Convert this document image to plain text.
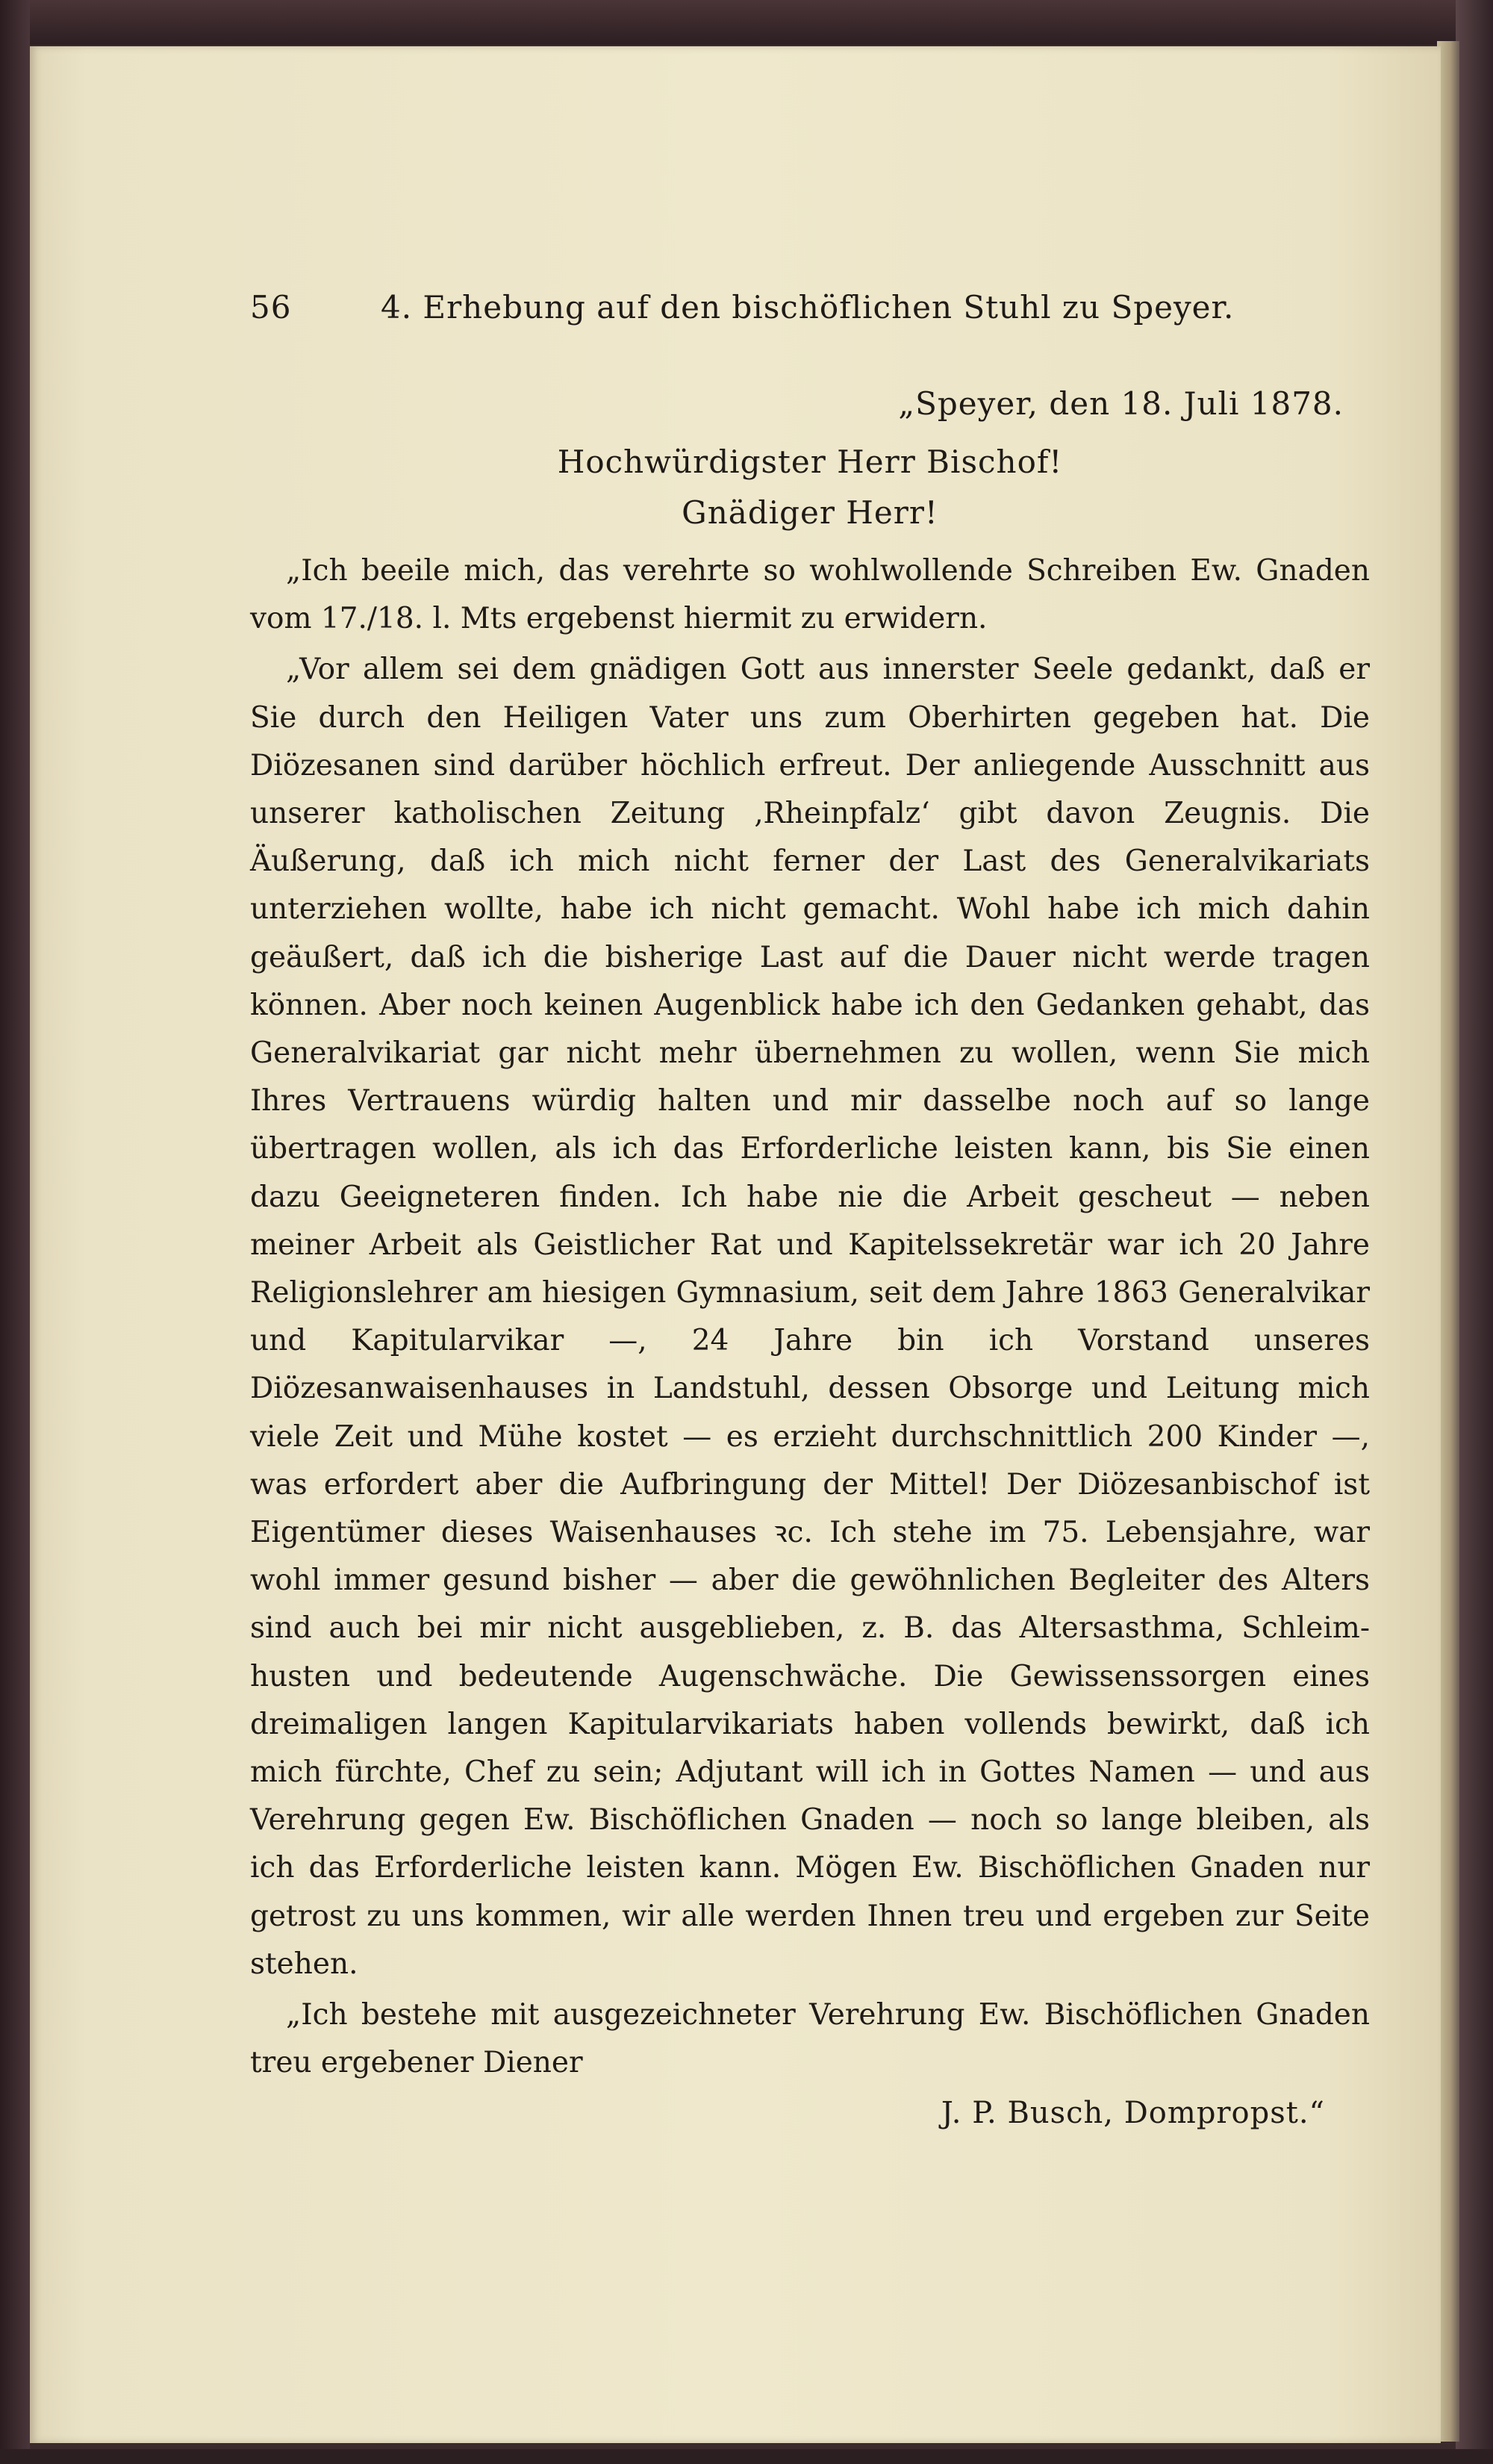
56	4. Erhebung auf den bischöflichen Stuhl zu Speyer.
„Speyer, den 18. Juli 1878.
Hochwürdigster Herr Bischof!
Gnädiger Herr!

„Ich beeile mich, das verehrte so wohlwollende Schreiben Ew. Gnaden vom 17./18. l. Mts ergebenst hiermit zu erwidern.

„Vor allem sei dem gnädigen Gott aus innerster Seele gedankt, daß er Sie durch den Heiligen Vater uns zum Oberhirten gegeben hat. Die Diözesanen sind darüber höchlich erfreut. Der anliegende Ausschnitt aus unserer katholischen Zeitung ‚Rheinpfalz‘ gibt davon Zeugnis. Die Äußerung, daß ich mich nicht ferner der Last des Generalvikariats unterziehen wollte, habe ich nicht gemacht. Wohl habe ich mich dahin geäußert, daß ich die bisherige Last auf die Dauer nicht werde tragen können. Aber noch keinen Augenblick habe ich den Gedanken gehabt, das Generalvikariat gar nicht mehr übernehmen zu wollen, wenn Sie mich Ihres Vertrauens würdig halten und mir dasselbe noch auf so lange übertragen wollen, als ich das Erforderliche leisten kann, bis Sie einen dazu Geeigneteren finden. Ich habe nie die Arbeit gescheut — neben meiner Arbeit als Geistlicher Rat und Kapitelssekretär war ich 20 Jahre Religionslehrer am hiesigen Gymnasium, seit dem Jahre 1863 Generalvikar und Kapitularvikar —, 24 Jahre bin ich Vorstand unseres Diözesanwaisenhauses in Landstuhl, dessen Obsorge und Leitung mich viele Zeit und Mühe kostet — es erzieht durchschnittlich 200 Kinder —, was erfordert aber die Aufbringung der Mittel! Der Diözesanbischof ist Eigentümer dieses Waisenhauses ꝛc. Ich stehe im 75. Lebensjahre, war wohl immer gesund bisher — aber die gewöhnlichen Begleiter des Alters sind auch bei mir nicht ausgeblieben, z. B. das Altersasthma, Schleimhusten und bedeutende Augenschwäche. Die Gewissenssorgen eines dreimaligen langen Kapitularvikariats haben vollends bewirkt, daß ich mich fürchte, Chef zu sein; Adjutant will ich in Gottes Namen — und aus Verehrung gegen Ew. Bischöflichen Gnaden — noch so lange bleiben, als ich das Erforderliche leisten kann. Mögen Ew. Bischöflichen Gnaden nur getrost zu uns kommen, wir alle werden Ihnen treu und ergeben zur Seite stehen.

„Ich bestehe mit ausgezeichneter Verehrung Ew. Bischöflichen Gnaden treu ergebener Diener

J. P. Busch, Dompropst.“
